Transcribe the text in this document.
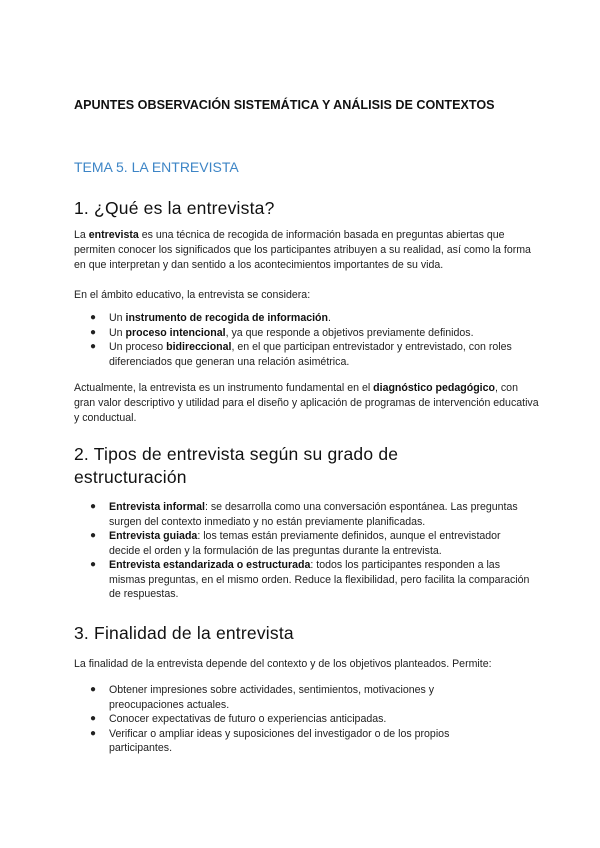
APUNTES OBSERVACIÓN SISTEMÁTICA Y ANÁLISIS DE CONTEXTOS
TEMA 5. LA ENTREVISTA
1. ¿Qué es la entrevista?

La entrevista es una técnica de recogida de información basada en preguntas abiertas que permiten conocer los significados que los participantes atribuyen a su realidad, así como la forma en que interpretan y dan sentido a los acontecimientos importantes de su vida.

En el ámbito educativo, la entrevista se considera:

● Un instrumento de recogida de información.
● Un proceso intencional, ya que responde a objetivos previamente definidos.
● Un proceso bidireccional, en el que participan entrevistador y entrevistado, con roles diferenciados que generan una relación asimétrica.

Actualmente, la entrevista es un instrumento fundamental en el diagnóstico pedagógico, con gran valor descriptivo y utilidad para el diseño y aplicación de programas de intervención educativa y conductual.

2. Tipos de entrevista según su grado de estructuración
● Entrevista informal: se desarrolla como una conversación espontánea. Las preguntas surgen del contexto inmediato y no están previamente planificadas.
● Entrevista guiada: los temas están previamente definidos, aunque el entrevistador decide el orden y la formulación de las preguntas durante la entrevista.
● Entrevista estandarizada o estructurada: todos los participantes responden a las mismas preguntas, en el mismo orden. Reduce la flexibilidad, pero facilita la comparación de respuestas.
3. Finalidad de la entrevista

La finalidad de la entrevista depende del contexto y de los objetivos planteados. Permite:

● Obtener impresiones sobre actividades, sentimientos, motivaciones y preocupaciones actuales.
● Conocer expectativas de futuro o experiencias anticipadas.
● Verificar o ampliar ideas y suposiciones del investigador o de los propios participantes.
